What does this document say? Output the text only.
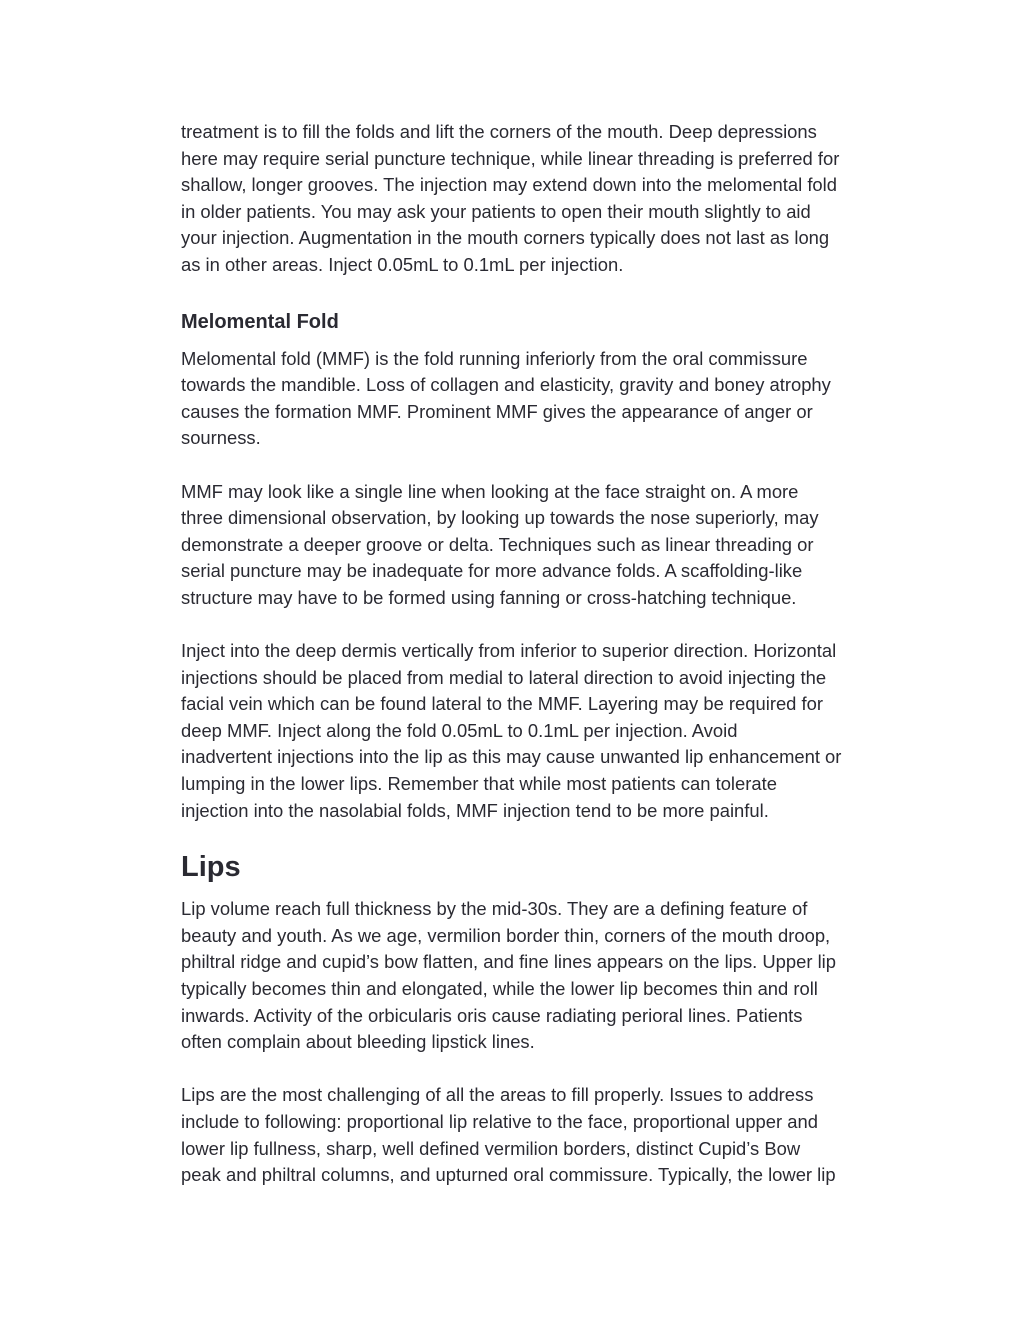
treatment is to fill the folds and lift the corners of the mouth. Deep depressions
here may require serial puncture technique, while linear threading is preferred for
shallow, longer grooves. The injection may extend down into the melomental fold
in older patients. You may ask your patients to open their mouth slightly to aid
your injection. Augmentation in the mouth corners typically does not last as long
as in other areas. Inject 0.05mL to 0.1mL per injection.

Melomental Fold

Melomental fold (MMF) is the fold running inferiorly from the oral commissure
towards the mandible. Loss of collagen and elasticity, gravity and boney atrophy
causes the formation MMF. Prominent MMF gives the appearance of anger or
sourness.

MMF may look like a single line when looking at the face straight on. A more
three dimensional observation, by looking up towards the nose superiorly, may
demonstrate a deeper groove or delta. Techniques such as linear threading or
serial puncture may be inadequate for more advance folds. A scaffolding-like
structure may have to be formed using fanning or cross-hatching technique.

Inject into the deep dermis vertically from inferior to superior direction. Horizontal
injections should be placed from medial to lateral direction to avoid injecting the
facial vein which can be found lateral to the MMF. Layering may be required for
deep MMF. Inject along the fold 0.05mL to 0.1mL per injection. Avoid
inadvertent injections into the lip as this may cause unwanted lip enhancement or
lumping in the lower lips. Remember that while most patients can tolerate
injection into the nasolabial folds, MMF injection tend to be more painful.

Lips

Lip volume reach full thickness by the mid-30s. They are a defining feature of
beauty and youth. As we age, vermilion border thin, corners of the mouth droop,
philtral ridge and cupid’s bow flatten, and fine lines appears on the lips. Upper lip
typically becomes thin and elongated, while the lower lip becomes thin and roll
inwards. Activity of the orbicularis oris cause radiating perioral lines. Patients
often complain about bleeding lipstick lines.

Lips are the most challenging of all the areas to fill properly. Issues to address
include to following: proportional lip relative to the face, proportional upper and
lower lip fullness, sharp, well defined vermilion borders, distinct Cupid’s Bow
peak and philtral columns, and upturned oral commissure. Typically, the lower lip
